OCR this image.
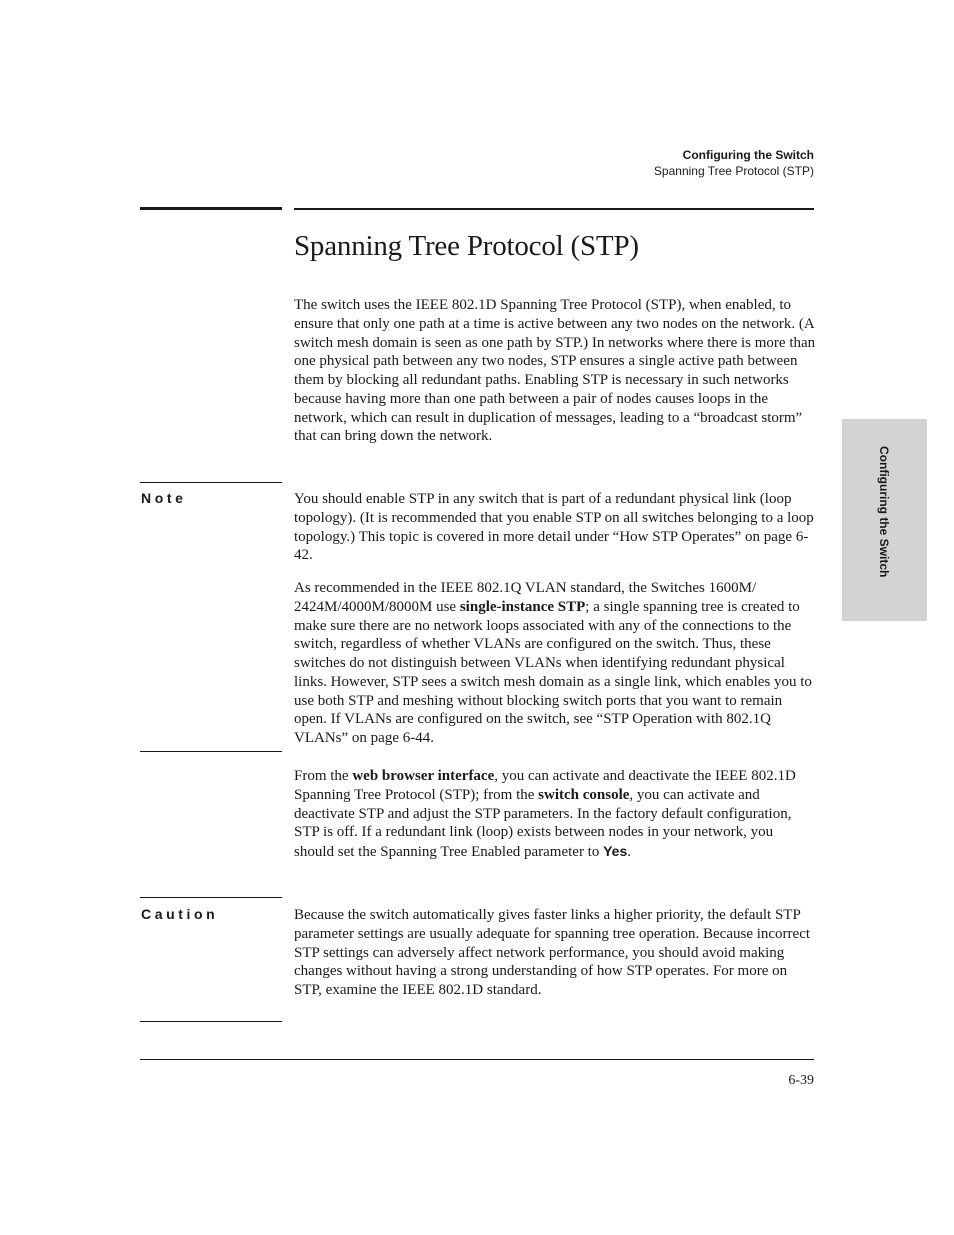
Configuring the Switch
Spanning Tree Protocol (STP)
Spanning Tree Protocol (STP)

The switch uses the IEEE 802.1D Spanning Tree Protocol (STP), when enabled, to ensure that only one path at a time is active between any two nodes on the network. (A switch mesh domain is seen as one path by STP.) In networks where there is more than one physical path between any two nodes, STP ensures a single active path between them by blocking all redundant paths. Enabling STP is necessary in such networks because having more than one path between a pair of nodes causes loops in the network, which can result in duplication of messages, leading to a “broadcast storm” that can bring down the network.

Note	You should enable STP in any switch that is part of a redundant physical link (loop topology). (It is recommended that you enable STP on all switches belonging to a loop topology.) This topic is covered in more detail under “How STP Operates” on page 6-42.

As recommended in the IEEE 802.1Q VLAN standard, the Switches 1600M/ 2424M/4000M/8000M use single-instance STP; a single spanning tree is created to make sure there are no network loops associated with any of the connections to the switch, regardless of whether VLANs are configured on the switch. Thus, these switches do not distinguish between VLANs when identifying redundant physical links. However, STP sees a switch mesh domain as a single link, which enables you to use both STP and meshing without blocking switch ports that you want to remain open. If VLANs are configured on the switch, see “STP Operation with 802.1Q VLANs” on page 6-44.

From the web browser interface, you can activate and deactivate the IEEE 802.1D Spanning Tree Protocol (STP); from the switch console, you can activate and deactivate STP and adjust the STP parameters. In the factory default configuration, STP is off. If a redundant link (loop) exists between nodes in your network, you should set the Spanning Tree Enabled parameter to Yes.

Caution	Because the switch automatically gives faster links a higher priority, the default STP parameter settings are usually adequate for spanning tree operation. Because incorrect STP settings can adversely affect network performance, you should avoid making changes without having a strong understanding of how STP operates. For more on STP, examine the IEEE 802.1D standard.

6-39
Configuring the Switch
